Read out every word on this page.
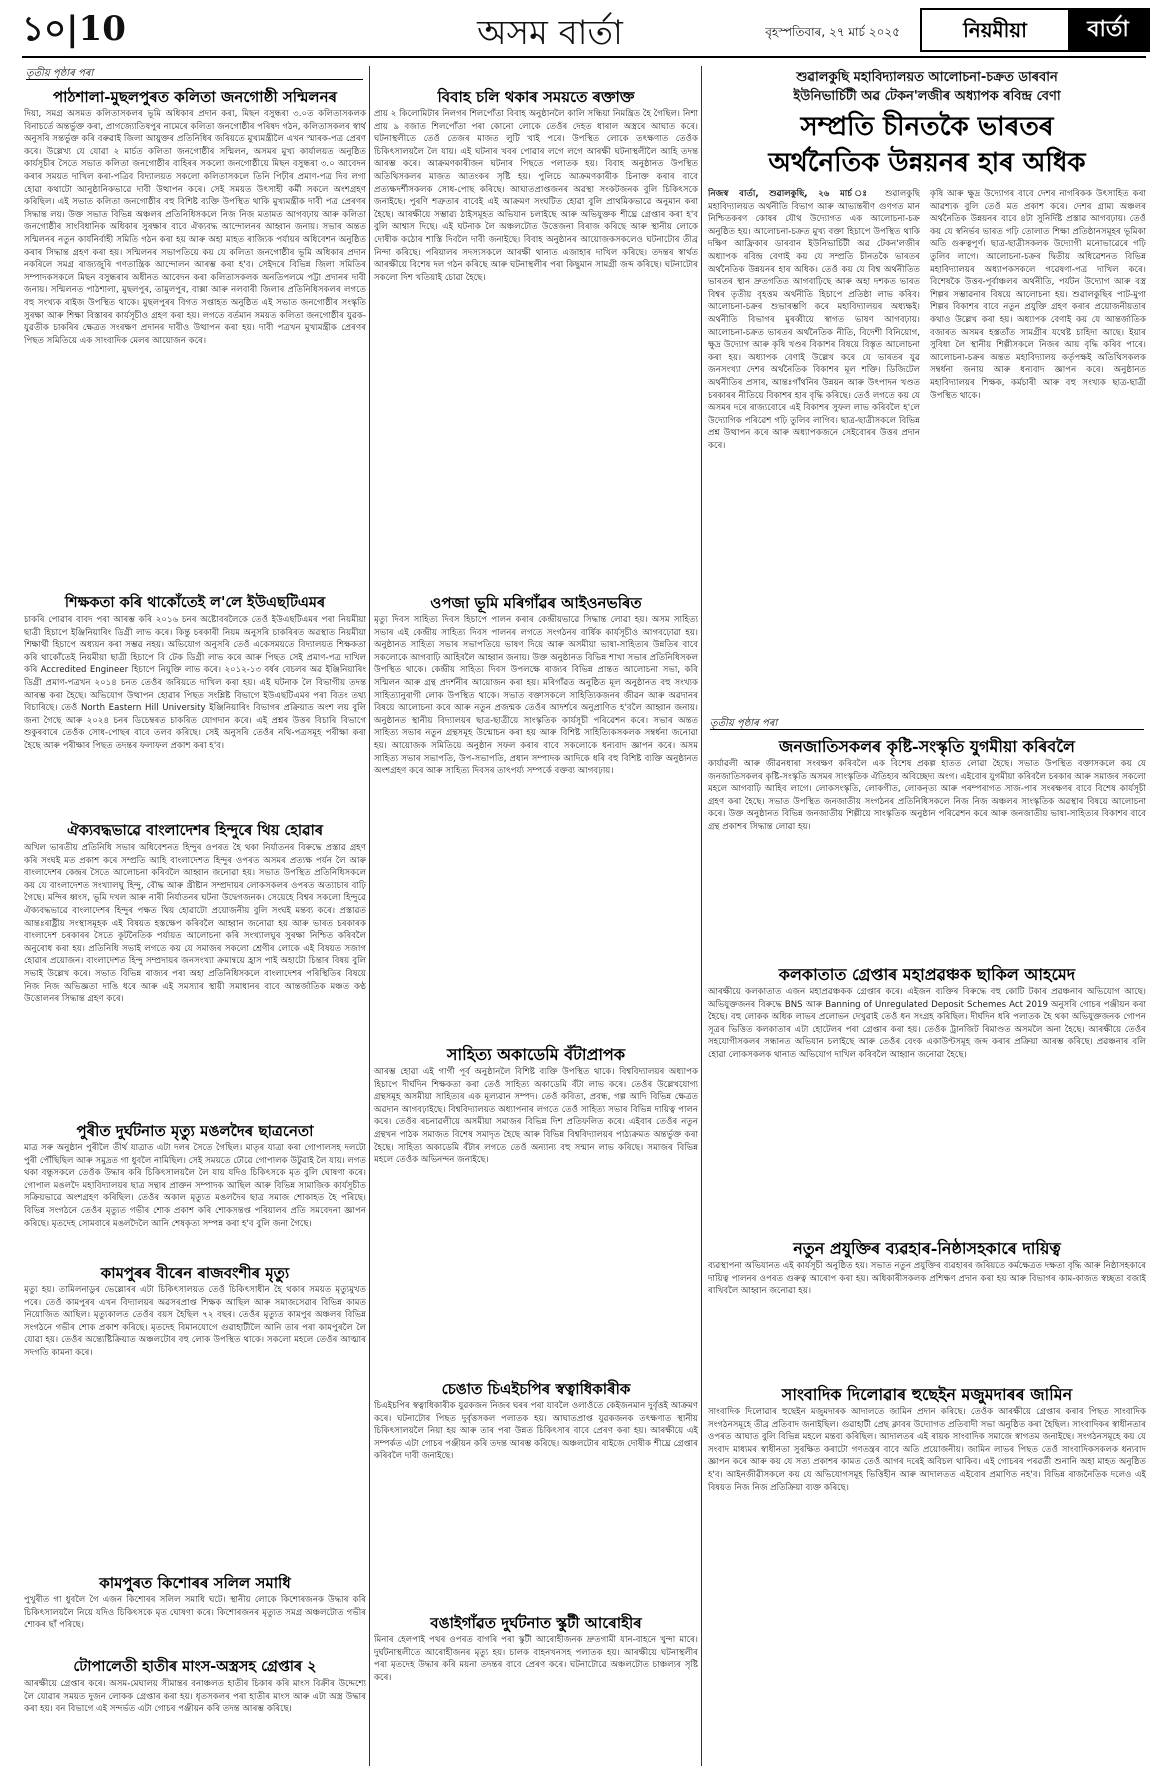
১০|10	অসম বাৰ্তা	বৃহস্পতিবাৰ, ২৭ মাৰ্চ ২০২৫	নিয়মীয়া	বাৰ্তা
তৃতীয় পৃষ্ঠাৰ পৰা
পাঠশালা-মুছলপুৰত কলিতা জনগোষ্ঠী সন্মিলনৰ
দিয়া, সমগ্ৰ অসমত কলিতাসকলৰ ভূমি অধিকাৰ প্ৰদান কৰা, মিছন বসুন্ধৰা ৩.০ত কলিতাসকলক বিনাচৰ্তে অন্তৰ্ভুক্ত কৰা, প্ৰাগজ্যোতিষপুৰ নামেৰে কলিতা জনগোষ্ঠীৰ পৰিষদ গঠন, কলিতাসকলৰ স্বাৰ্থ অনুসৰি সন্তৰ্ভুক্ত কৰি বৰুৱাই জিলা আয়ুক্তৰ প্ৰতিনিধিৰ জৰিয়তে মুখ্যমন্ত্ৰীলৈ এখন স্মাৰক-পত্ৰ প্ৰেৰণ কৰে। উল্লেখ্য যে যোৱা ২ মাৰ্চত কলিতা জনগোষ্ঠীৰ সন্মিলন, অসমৰ মুখ্য কাৰ্যালয়ত অনুষ্ঠিত কাৰ্যসূচীৰ সৈতে সভাত কলিতা জনগোষ্ঠীৰ বাহিৰৰ সকলো জনগোষ্ঠীয়ে মিছন বসুন্ধৰা ৩.০ আবেদন কৰাৰ সময়ত দাখিল কৰা-পত্ৰিব বিদ্যালয়ত সকলো কলিতাসকলে তিনি পিঢ়ীৰ প্ৰমাণ-পত্ৰ দিব লগা হোৱা কথাটো আনুষ্ঠানিকভাৱে দাবী উত্থাপন কৰে। সেই সময়ত উৎসাহী কৰ্মী সকলে অংশগ্ৰহণ কৰিছিল। এই সভাত কলিতা জনগোষ্ঠীৰ বহু বিশিষ্ট ব্যক্তি উপস্থিত থাকি মুখ্যমন্ত্ৰীক দাবী পত্ৰ প্ৰেৰণৰ সিদ্ধান্ত লয়। উক্ত সভাত বিভিন্ন অঞ্চলৰ প্ৰতিনিধিসকলে নিজ নিজ মতামত আগবঢ়ায় আৰু কলিতা জনগোষ্ঠীৰ সাংবিধানিক অধিকাৰ সুৰক্ষাৰ বাবে ঐক্যবদ্ধ আন্দোলনৰ আহ্বান জনায়। সভাৰ অন্তত সন্মিলনৰ নতুন কাৰ্যনিৰ্বাহী সমিতি গঠন কৰা হয় আৰু অহা মাহত ৰাজ্যিক পৰ্যায়ৰ অধিবেশন অনুষ্ঠিত কৰাৰ সিদ্ধান্ত গ্ৰহণ কৰা হয়। সন্মিলনৰ সভাপতিয়ে কয় যে কলিতা জনগোষ্ঠীৰ ভূমি অধিকাৰ প্ৰদান নকৰিলে সমগ্ৰ ৰাজ্যজুৰি গণতান্ত্ৰিক আন্দোলন আৰম্ভ কৰা হ'ব। সেইদৰে বিভিন্ন জিলা সমিতিৰ সম্পাদকসকলে মিছন বসুন্ধৰাৰ অধীনত আবেদন কৰা কলিতাসকলক অনতিপলমে পট্টা প্ৰদানৰ দাবী জনায়। সন্মিলনত পাঠশালা, মুছলপুৰ, তামুলপুৰ, বাক্সা আৰু নলবাৰী জিলাৰ প্ৰতিনিধিসকলৰ লগতে বহু সংখ্যক ৰাইজ উপস্থিত থাকে। মুছলপুৰৰ বিগত সপ্তাহত অনুষ্ঠিত এই সভাত জনগোষ্ঠীৰ সংস্কৃতি সুৰক্ষা আৰু শিক্ষা বিস্তাৰৰ কাৰ্যসূচীও গ্ৰহণ কৰা হয়। লগতে বৰ্তমান সময়ত কলিতা জনগোষ্ঠীৰ যুৱক-যুৱতীক চাকৰিৰ ক্ষেত্ৰত সংৰক্ষণ প্ৰদানৰ দাবীও উত্থাপন কৰা হয়। দাবী পত্ৰখন মুখ্যমন্ত্ৰীক প্ৰেৰণৰ পিছত সমিতিয়ে এক সাংবাদিক মেলৰ আয়োজন কৰে।
শিক্ষকতা কৰি থাকোঁতেই ল'লে ইউএছটিএমৰ
চাকৰি পোৱাৰ বাবদ পৰা আৰম্ভ কৰি ২০১৬ চনৰ অষ্টোবৰলৈকে তেওঁ ইউএছটিএমৰ পৰা নিয়মীয়া ছাত্ৰী হিচাপে ইঞ্জিনিয়াৰিং ডিগ্ৰী লাভ কৰে। কিন্তু চৰকাৰী নিয়ম অনুসৰি চাকৰিৰত অৱস্থাত নিয়মীয়া শিক্ষাৰ্থী হিচাপে অধ্যয়ন কৰা সম্ভৱ নহয়। অভিযোগ অনুসৰি তেওঁ একেসময়তে বিদ্যালয়ত শিক্ষকতা কৰি থাকোঁতেই নিয়মীয়া ছাত্ৰী হিচাপে বি টেক ডিগ্ৰী লাভ কৰে আৰু পিছত সেই প্ৰমাণ-পত্ৰ দাখিল কৰি Accredited Engineer হিচাপে নিযুক্তি লাভ কৰে। ২০১২-১৩ বৰ্ষৰ বেচলৰ অৱ ইঞ্জিনিয়াৰিং ডিগ্ৰী প্ৰমাণ-পত্ৰখন ২০১৪ চনত তেওঁৰ জৰিয়তে দাখিল কৰা হয়। এই ঘটনাক লৈ বিভাগীয় তদন্ত আৰম্ভ কৰা হৈছে। অভিযোগ উত্থাপন হোৱাৰ পিছত সংশ্লিষ্ট বিভাগে ইউএছটিএমৰ পৰা বিতং তথ্য বিচাৰিছে। তেওঁ North Eastern Hill University ইঞ্জিনিয়াৰিং বিভাগৰ প্ৰক্ৰিয়াত অংশ লয় বুলি জনা গৈছে আৰু ২০২৪ চনৰ ডিচেম্বৰত চাকৰিত যোগদান কৰে। এই প্ৰশ্নৰ উত্তৰ বিচাৰি বিভাগে শুকুৰবাৰে তেওঁক সোধ-পোছৰ বাবে তলব কৰিছে। সেই অনুসৰি তেওঁৰ নথি-পত্ৰসমূহ পৰীক্ষা কৰা হৈছে আৰু পৰীক্ষাৰ পিছত তদন্তৰ ফলাফল প্ৰকাশ কৰা হ'ব।
ঐক্যবদ্ধভাৱে বাংলাদেশৰ হিন্দুৰে থিয় হোৱাৰ
অখিল ভাৰতীয় প্ৰতিনিধি সভাৰ অধিবেশনত হিন্দুৰ ওপৰত হৈ থকা নিৰ্যাতনৰ বিৰুদ্ধে প্ৰস্তাৱ গ্ৰহণ কৰি সংঘই মত প্ৰকাশ কৰে সম্প্ৰতি আহি বাংলাদেশত হিন্দুৰ ওপৰত অসমৰ প্ৰত্যক্ষ পৰ্যন লৈ আৰু বাংলাদেশৰ কেন্দ্ৰৰ সৈতে আলোচনা কৰিবলৈ আহ্বান জনোৱা হয়। সভাত উপস্থিত প্ৰতিনিধিসকলে কয় যে বাংলাদেশত সংখ্যালঘু হিন্দু, বৌদ্ধ আৰু খ্ৰীষ্টান সম্প্ৰদায়ৰ লোকসকলৰ ওপৰত অত্যাচাৰ বাঢ়ি গৈছে। মন্দিৰ ধ্বংস, ভূমি দখল আৰু নাৰী নিৰ্যাতনৰ ঘটনা উদ্বেগজনক। সেয়েহে বিশ্বৰ সকলো হিন্দুৱে ঐক্যবদ্ধভাৱে বাংলাদেশৰ হিন্দুৰ পক্ষত থিয় হোৱাটো প্ৰয়োজনীয় বুলি সংঘই মন্তব্য কৰে। প্ৰস্তাৱত আন্তঃৰাষ্ট্ৰীয় সংস্থাসমূহক এই বিষয়ত হস্তক্ষেপ কৰিবলৈ আহ্বান জনোৱা হয় আৰু ভাৰত চৰকাৰক বাংলাদেশ চৰকাৰৰ সৈতে কূটনৈতিক পৰ্যায়ত আলোচনা কৰি সংখ্যালঘুৰ সুৰক্ষা নিশ্চিত কৰিবলৈ অনুৰোধ কৰা হয়। প্ৰতিনিধি সভাই লগতে কয় যে সমাজৰ সকলো শ্ৰেণীৰ লোকে এই বিষয়ত সজাগ হোৱাৰ প্ৰয়োজন। বাংলাদেশত হিন্দু সম্প্ৰদায়ৰ জনসংখ্যা ক্ৰমান্বয়ে হ্ৰাস পাই অহাটো চিন্তাৰ বিষয় বুলি সভাই উল্লেখ কৰে। সভাত বিভিন্ন ৰাজ্যৰ পৰা অহা প্ৰতিনিধিসকলে বাংলাদেশৰ পৰিস্থিতিৰ বিষয়ে নিজ নিজ অভিজ্ঞতা দাঙি ধৰে আৰু এই সমস্যাৰ স্থায়ী সমাধানৰ বাবে আন্তৰ্জাতিক মঞ্চত কণ্ঠ উত্তোলনৰ সিদ্ধান্ত গ্ৰহণ কৰে।
পুৰীত দুৰ্ঘটনাত মৃত্যু মঙলদৈৰ ছাত্ৰনেতা
মাত্ৰ সৰু অনুষ্ঠান পুৰীলৈ তীৰ্থ যাত্ৰাত এটা দলৰ সৈতে গৈছিল। মাতৃৰ যাত্ৰা কৰা গোপালসহ দলটো পুৰী পৌঁছিছিল আৰু সমুদ্ৰত গা ধুবলৈ নামিছিল। সেই সময়তে ঢৌৱে গোপালক উটুৱাই লৈ যায়। লগত থকা বন্ধুসকলে তেওঁক উদ্ধাৰ কৰি চিকিৎসালয়লৈ লৈ যায় যদিও চিকিৎসকে মৃত বুলি ঘোষণা কৰে। গোপাল মঙলদৈ মহাবিদ্যালয়ৰ ছাত্ৰ সন্থাৰ প্ৰাক্তন সম্পাদক আছিল আৰু বিভিন্ন সামাজিক কাৰ্যসূচীত সক্ৰিয়ভাৱে অংশগ্ৰহণ কৰিছিল। তেওঁৰ অকাল মৃত্যুত মঙলদৈৰ ছাত্ৰ সমাজ শোকাহত হৈ পৰিছে। বিভিন্ন সংগঠনে তেওঁৰ মৃত্যুত গভীৰ শোক প্ৰকাশ কৰি শোকসন্তপ্ত পৰিয়ালৰ প্ৰতি সমবেদনা জ্ঞাপন কৰিছে। মৃতদেহ সোমবাৰে মঙলদৈলৈ আনি শেষকৃত্য সম্পন্ন কৰা হ'ব বুলি জনা গৈছে।
কামপুৰৰ বীৰেন ৰাজবংশীৰ মৃত্যু
মৃত্যু হয়। তামিলনাডুৰ ভেল্লোৰৰ এটা চিকিৎসালয়ত তেওঁ চিকিৎসাধীন হৈ থকাৰ সময়ত মৃত্যুমুখত পৰে। তেওঁ কামপুৰৰ এখন বিদ্যালয়ৰ অৱসৰপ্ৰাপ্ত শিক্ষক আছিল আৰু সমাজসেৱাৰ বিভিন্ন কামত নিয়োজিত আছিল। মৃত্যুকালত তেওঁৰ বয়স হৈছিল ৭২ বছৰ। তেওঁৰ মৃত্যুত কামপুৰ অঞ্চলৰ বিভিন্ন সংগঠনে গভীৰ শোক প্ৰকাশ কৰিছে। মৃতদেহ বিমানযোগে গুৱাহাটীলৈ আনি তাৰ পৰা কামপুৰলৈ লৈ যোৱা হয়। তেওঁৰ অন্ত্যেষ্টিক্ৰিয়াত অঞ্চলটোৰ বহু লোক উপস্থিত থাকে। সকলো মহলে তেওঁৰ আত্মাৰ সদগতি কামনা কৰে।
কামপুৰত কিশোৰৰ সলিল সমাধি
পুখুৰীত গা ধুবলৈ গৈ এজন কিশোৰৰ সলিল সমাধি ঘটে। স্থানীয় লোকে কিশোৰজনক উদ্ধাৰ কৰি চিকিৎসালয়লৈ নিয়ে যদিও চিকিৎসকে মৃত ঘোষণা কৰে। কিশোৰজনৰ মৃত্যুত সমগ্ৰ অঞ্চলটোত গভীৰ শোকৰ ছাঁ পৰিছে।
টোপালেতী হাতীৰ মাংস-অস্ত্ৰসহ গ্ৰেপ্তাৰ ২
আৰক্ষীয়ে গ্ৰেপ্তাৰ কৰে। অসম-মেঘালয় সীমান্তৰ বনাঞ্চলত হাতীৰ চিকাৰ কৰি মাংস বিক্ৰীৰ উদ্দেশ্যে লৈ যোৱাৰ সময়ত দুজন লোকক গ্ৰেপ্তাৰ কৰা হয়। ধৃতসকলৰ পৰা হাতীৰ মাংস আৰু এটা অস্ত্ৰ উদ্ধাৰ কৰা হয়। বন বিভাগে এই সন্দৰ্ভত এটা গোচৰ পঞ্জীয়ন কৰি তদন্ত আৰম্ভ কৰিছে।
বিবাহ চলি থকাৰ সময়তে ৰক্তাক্ত
প্ৰায় ২ কিলোমিটাৰ নিলগৰ শিলপোঁতা বিবাহ অনুষ্ঠানলৈ কালি সন্ধিয়া নিমন্ত্ৰিত হৈ গৈছিল। নিশা প্ৰায় ৯ বজাত শিলপোঁতা পৰা কোনো লোকে তেওঁৰ দেহত ধাৰাল অস্ত্ৰৰে আঘাত কৰে। ঘটনাস্থলীতে তেওঁ তেজৰ মাজত লুটি খাই পৰে। উপস্থিত লোকে তৎক্ষণাত তেওঁক চিকিৎসালয়লৈ লৈ যায়। এই ঘটনাৰ খবৰ পোৱাৰ লগে লগে আৰক্ষী ঘটনাস্থলীলৈ আহি তদন্ত আৰম্ভ কৰে। আক্ৰমণকাৰীজন ঘটনাৰ পিছতে পলাতক হয়। বিবাহ অনুষ্ঠানত উপস্থিত অতিথিসকলৰ মাজত আতংকৰ সৃষ্টি হয়। পুলিচে আক্ৰমণকাৰীক চিনাক্ত কৰাৰ বাবে প্ৰত্যক্ষদৰ্শীসকলক সোধ-পোছ কৰিছে। আঘাতপ্ৰাপ্তজনৰ অৱস্থা সংকটজনক বুলি চিকিৎসকে জনাইছে। পুৰণি শত্ৰুতাৰ বাবেই এই আক্ৰমণ সংঘটিত হোৱা বুলি প্ৰাথমিকভাৱে অনুমান কৰা হৈছে। আৰক্ষীয়ে সম্ভাৱ্য ঠাইসমূহত অভিযান চলাইছে আৰু অভিযুক্তক শীঘ্ৰে গ্ৰেপ্তাৰ কৰা হ'ব বুলি আশ্বাস দিছে। এই ঘটনাক লৈ অঞ্চলটোত উত্তেজনা বিৰাজ কৰিছে আৰু স্থানীয় লোকে দোষীক কঠোৰ শাস্তি দিবলৈ দাবী জনাইছে। বিবাহ অনুষ্ঠানৰ আয়োজকসকলেও ঘটনাটোৰ তীব্ৰ নিন্দা কৰিছে। পৰিয়ালৰ সদস্যসকলে আৰক্ষী থানাত এজাহাৰ দাখিল কৰিছে। তদন্তৰ স্বাৰ্থত আৰক্ষীয়ে বিশেষ দল গঠন কৰিছে আৰু ঘটনাস্থলীৰ পৰা কিছুমান সামগ্ৰী জব্দ কৰিছে। ঘটনাটোৰ সকলো দিশ খতিয়াই চোৱা হৈছে।
ওপজা ভূমি মৰিগাঁৱৰ আইওনভৰিত
মৃত্যু দিবস সাহিত্য দিবস হিচাপে পালন কৰাৰ কেন্দ্ৰীয়ভাৱে সিদ্ধান্ত লোৱা হয়। অসম সাহিত্য সভাৰ এই কেন্দ্ৰীয় সাহিত্য দিবস পালনৰ লগতে সংগঠনৰ বাৰ্ষিক কাৰ্যসূচীও আগবঢ়োৱা হয়। অনুষ্ঠানত সাহিত্য সভাৰ সভাপতিয়ে ভাষণ দিয়ে আৰু অসমীয়া ভাষা-সাহিত্যৰ উন্নতিৰ বাবে সকলোকে আগবাঢ়ি আহিবলৈ আহ্বান জনায়। উক্ত অনুষ্ঠানত বিভিন্ন শাখা সভাৰ প্ৰতিনিধিসকল উপস্থিত থাকে। কেন্দ্ৰীয় সাহিত্য দিবস উপলক্ষে ৰাজ্যৰ বিভিন্ন প্ৰান্তত আলোচনা সভা, কবি সন্মিলন আৰু গ্ৰন্থ প্ৰদৰ্শনীৰ আয়োজন কৰা হয়। মৰিগাঁৱত অনুষ্ঠিত মূল অনুষ্ঠানত বহু সংখ্যক সাহিত্যানুৰাগী লোক উপস্থিত থাকে। সভাত বক্তাসকলে সাহিত্যিকজনৰ জীৱন আৰু অৱদানৰ বিষয়ে আলোচনা কৰে আৰু নতুন প্ৰজন্মক তেওঁৰ আদৰ্শৰে অনুপ্ৰাণিত হ'বলৈ আহ্বান জনায়। অনুষ্ঠানত স্থানীয় বিদ্যালয়ৰ ছাত্ৰ-ছাত্ৰীয়ে সাংস্কৃতিক কাৰ্যসূচী পৰিৱেশন কৰে। সভাৰ অন্তত সাহিত্য সভাৰ নতুন গ্ৰন্থসমূহ উন্মোচন কৰা হয় আৰু বিশিষ্ট সাহিত্যিকসকলক সম্বৰ্ধনা জনোৱা হয়। আয়োজক সমিতিয়ে অনুষ্ঠান সফল কৰাৰ বাবে সকলোকে ধন্যবাদ জ্ঞাপন কৰে। অসম সাহিত্য সভাৰ সভাপতি, উপ-সভাপতি, প্ৰধান সম্পাদক আদিকে ধৰি বহু বিশিষ্ট ব্যক্তি অনুষ্ঠানত অংশগ্ৰহণ কৰে আৰু সাহিত্য দিবসৰ তাৎপৰ্য্য সম্পৰ্কে বক্তব্য আগবঢ়ায়।
সাহিত্য অকাডেমি বঁটাপ্ৰাপক
আৰম্ভ হোৱা এই গাৰ্গী পূৰ্ব অনুষ্ঠানলৈ বিশিষ্ট ব্যক্তি উপস্থিত থাকে। বিশ্ববিদ্যালয়ৰ অধ্যাপক হিচাপে দীৰ্ঘদিন শিক্ষকতা কৰা তেওঁ সাহিত্য অকাডেমি বঁটা লাভ কৰে। তেওঁৰ উল্লেখযোগ্য গ্ৰন্থসমূহ অসমীয়া সাহিত্যৰ এক মূল্যৱান সম্পদ। তেওঁ কবিতা, প্ৰবন্ধ, গল্প আদি বিভিন্ন ক্ষেত্ৰত অৱদান আগবঢ়াইছে। বিশ্ববিদ্যালয়ত অধ্যাপনাৰ লগতে তেওঁ সাহিত্য সভাৰ বিভিন্ন দায়িত্ব পালন কৰে। তেওঁৰ ৰচনাৱলীয়ে অসমীয়া সমাজৰ বিভিন্ন দিশ প্ৰতিফলিত কৰে। এইবাৰ তেওঁৰ নতুন গ্ৰন্থখন পাঠক সমাজত বিশেষ সমাদৃত হৈছে আৰু বিভিন্ন বিশ্ববিদ্যালয়ৰ পাঠ্যক্ৰমত অন্তৰ্ভুক্ত কৰা হৈছে। সাহিত্য অকাডেমি বঁটাৰ লগতে তেওঁ অন্যান্য বহু সন্মান লাভ কৰিছে। সমাজৰ বিভিন্ন মহলে তেওঁক অভিনন্দন জনাইছে।
চেঙাত চিএইচপিৰ স্বত্বাধিকাৰীক
চিএইচপিৰ স্বত্বাধিকাৰীক যুৱকজন নিজৰ ঘৰৰ পৰা যাবলৈ ওলাওঁতে কেইজনমান দুৰ্বৃত্তই আক্ৰমণ কৰে। ঘটনাটোৰ পিছত দুৰ্বৃত্তসকল পলাতক হয়। আঘাতপ্ৰাপ্ত যুৱকজনক তৎক্ষণাত স্থানীয় চিকিৎসালয়লৈ নিয়া হয় আৰু তাৰ পৰা উন্নত চিকিৎসাৰ বাবে প্ৰেৰণ কৰা হয়। আৰক্ষীয়ে এই সম্পৰ্কত এটা গোচৰ পঞ্জীয়ন কৰি তদন্ত আৰম্ভ কৰিছে। অঞ্চলটোৰ ৰাইজে দোষীক শীঘ্ৰে গ্ৰেপ্তাৰ কৰিবলৈ দাবী জনাইছে।
বঙাইগাঁৱত দুৰ্ঘটনাত স্কুটী আৰোহীৰ
মিনাৰ হেলপাই পথৰ ওপৰত বাগৰি পৰা স্কুটী আৰোহীজনক দ্ৰুতগামী যান-বাহনে খুন্দা মাৰে। দুৰ্ঘটনাস্থলীতে আৰোহীজনৰ মৃত্যু হয়। চালক বাহনখনসহ পলাতক হয়। আৰক্ষীয়ে ঘটনাস্থলীৰ পৰা মৃতদেহ উদ্ধাৰ কৰি ময়না তদন্তৰ বাবে প্ৰেৰণ কৰে। ঘটনাটোৱে অঞ্চলটোত চাঞ্চল্যৰ সৃষ্টি কৰে।
শুৱালকুছি মহাবিদ্যালয়ত আলোচনা-চক্ৰত ডাৰবান
ইউনিভাৰ্চিটী অৱ টেকন'লজীৰ অধ্যাপক ৰবিন্দ্ৰ বেণা
সম্প্ৰতি চীনতকৈ ভাৰতৰ
অৰ্থনৈতিক উন্নয়নৰ হাৰ অধিক
নিজস্ব বাৰ্তা, শুৱালকুছি, ২৬ মাৰ্চ ঃ শুৱালকুছি মহাবিদ্যালয়ত অৰ্থনীতি বিভাগ আৰু আভ্যন্তৰীণ গুণগত মান নিশ্চিতকৰণ কোষৰ যৌথ উদ্যোগত এক আলোচনা-চক্ৰ অনুষ্ঠিত হয়। আলোচনা-চক্ৰত মুখ্য বক্তা হিচাপে উপস্থিত থাকি দক্ষিণ আফ্ৰিকাৰ ডাৰবান ইউনিভাৰ্চিটী অৱ টেকন'লজীৰ অধ্যাপক ৰবিন্দ্ৰ বেণাই কয় যে সম্প্ৰতি চীনতকৈ ভাৰতৰ অৰ্থনৈতিক উন্নয়নৰ হাৰ অধিক। তেওঁ কয় যে বিশ্ব অৰ্থনীতিত ভাৰতৰ স্থান দ্ৰুতগতিত আগবাঢ়িছে আৰু অহা দশকত ভাৰত বিশ্বৰ তৃতীয় বৃহত্তম অৰ্থনীতি হিচাপে প্ৰতিষ্ঠা লাভ কৰিব। আলোচনা-চক্ৰৰ শুভাৰম্ভণি কৰে মহাবিদ্যালয়ৰ অধ্যক্ষই। অৰ্থনীতি বিভাগৰ মুৰব্বীয়ে স্বাগত ভাষণ আগবঢ়ায়। আলোচনা-চক্ৰত ভাৰতৰ অৰ্থনৈতিক নীতি, বিদেশী বিনিয়োগ, ক্ষুদ্ৰ উদ্যোগ আৰু কৃষি খণ্ডৰ বিকাশৰ বিষয়ে বিস্তৃত আলোচনা কৰা হয়। অধ্যাপক বেণাই উল্লেখ কৰে যে ভাৰতৰ যুৱ জনসংখ্যা দেশৰ অৰ্থনৈতিক বিকাশৰ মূল শক্তি। ডিজিটেল অৰ্থনীতিৰ প্ৰসাৰ, আন্তঃগাঁথনিৰ উন্নয়ন আৰু উৎপাদন খণ্ডত চৰকাৰৰ নীতিয়ে বিকাশৰ হাৰ বৃদ্ধি কৰিছে। তেওঁ লগতে কয় যে অসমৰ দৰে ৰাজ্যবোৰে এই বিকাশৰ সুফল লাভ কৰিবলৈ হ'লে উদ্যোগিক পৰিৱেশ গঢ়ি তুলিব লাগিব। ছাত্ৰ-ছাত্ৰীসকলে বিভিন্ন প্ৰশ্ন উত্থাপন কৰে আৰু অধ্যাপকজনে সেইবোৰৰ উত্তৰ প্ৰদান কৰে।
কৃষি আৰু ক্ষুদ্ৰ উদ্যোগৰ বাবে দেশৰ নাগৰিকক উৎসাহিত কৰা আৱশ্যক বুলি তেওঁ মত প্ৰকাশ কৰে। দেশৰ গ্ৰাম্য অঞ্চলৰ অৰ্থনৈতিক উন্নয়নৰ বাবে ৪টা সুনিৰ্দিষ্ট প্ৰস্তাৱ আগবঢ়ায়। তেওঁ কয় যে স্বনিৰ্ভৰ ভাৰত গঢ়ি তোলাত শিক্ষা প্ৰতিষ্ঠানসমূহৰ ভূমিকা অতি গুৰুত্বপূৰ্ণ। ছাত্ৰ-ছাত্ৰীসকলক উদ্যোগী মনোভাৱেৰে গঢ়ি তুলিব লাগে। আলোচনা-চক্ৰৰ দ্বিতীয় অধিৱেশনত বিভিন্ন মহাবিদ্যালয়ৰ অধ্যাপকসকলে গৱেষণা-পত্ৰ দাখিল কৰে। বিশেষকৈ উত্তৰ-পূৰ্বাঞ্চলৰ অৰ্থনীতি, পৰ্যটন উদ্যোগ আৰু বস্ত্ৰ শিল্পৰ সম্ভাৱনাৰ বিষয়ে আলোচনা হয়। শুৱালকুছিৰ পাট-মুগা শিল্পৰ বিকাশৰ বাবে নতুন প্ৰযুক্তি গ্ৰহণ কৰাৰ প্ৰয়োজনীয়তাৰ কথাও উল্লেখ কৰা হয়। অধ্যাপক বেণাই কয় যে আন্তৰ্জাতিক বজাৰত অসমৰ হস্ততাঁত সামগ্ৰীৰ যথেষ্ট চাহিদা আছে। ইয়াৰ সুবিধা লৈ স্থানীয় শিল্পীসকলে নিজৰ আয় বৃদ্ধি কৰিব পাৰে। আলোচনা-চক্ৰৰ অন্তত মহাবিদ্যালয় কৰ্তৃপক্ষই অতিথিসকলক সম্বৰ্ধনা জনায় আৰু ধন্যবাদ জ্ঞাপন কৰে। অনুষ্ঠানত মহাবিদ্যালয়ৰ শিক্ষক, কৰ্মচাৰী আৰু বহু সংখ্যক ছাত্ৰ-ছাত্ৰী উপস্থিত থাকে।
তৃতীয় পৃষ্ঠাৰ পৰা
জনজাতিসকলৰ কৃষ্টি-সংস্কৃতি যুগমীয়া কৰিবলৈ
কাৰ্যাৱলী আৰু জীৱনধাৰা সংৰক্ষণ কৰিবলৈ এক বিশেষ প্ৰকল্প হাতত লোৱা হৈছে। সভাত উপস্থিত বক্তাসকলে কয় যে জনজাতিসকলৰ কৃষ্টি-সংস্কৃতি অসমৰ সাংস্কৃতিক ঐতিহ্যৰ অবিচ্ছেদ্য অংগ। এইবোৰ যুগমীয়া কৰিবলৈ চৰকাৰ আৰু সমাজৰ সকলো মহলে আগবাঢ়ি আহিব লাগে। লোকসংস্কৃতি, লোকগীত, লোকনৃত্য আৰু পৰম্পৰাগত সাজ-পাৰ সংৰক্ষণৰ বাবে বিশেষ কাৰ্যসূচী গ্ৰহণ কৰা হৈছে। সভাত উপস্থিত জনজাতীয় সংগঠনৰ প্ৰতিনিধিসকলে নিজ নিজ অঞ্চলৰ সাংস্কৃতিক অৱস্থাৰ বিষয়ে আলোচনা কৰে। উক্ত অনুষ্ঠানত বিভিন্ন জনজাতীয় শিল্পীয়ে সাংস্কৃতিক অনুষ্ঠান পৰিৱেশন কৰে আৰু জনজাতীয় ভাষা-সাহিত্যৰ বিকাশৰ বাবে গ্ৰন্থ প্ৰকাশৰ সিদ্ধান্ত লোৱা হয়।
কলকাতাত গ্ৰেপ্তাৰ মহাপ্ৰৱঞ্চক ছাকিল আহমেদ
আৰক্ষীয়ে কলকাতাত এজন মহাপ্ৰৱঞ্চকক গ্ৰেপ্তাৰ কৰে। এইজন ব্যক্তিৰ বিৰুদ্ধে বহু কোটি টকাৰ প্ৰৱঞ্চনাৰ অভিযোগ আছে। অভিযুক্তজনৰ বিৰুদ্ধে BNS আৰু Banning of Unregulated Deposit Schemes Act 2019 অনুসৰি গোচৰ পঞ্জীয়ন কৰা হৈছে। বহু লোকক অধিক লাভৰ প্ৰলোভন দেখুৱাই তেওঁ ধন সংগ্ৰহ কৰিছিল। দীৰ্ঘদিন ধৰি পলাতক হৈ থকা অভিযুক্তজনক গোপন সূত্ৰৰ ভিত্তিত কলকাতাৰ এটা হোটেলৰ পৰা গ্ৰেপ্তাৰ কৰা হয়। তেওঁক ট্ৰানজিট ৰিমাণ্ডত অসমলৈ অনা হৈছে। আৰক্ষীয়ে তেওঁৰ সহযোগীসকলৰ সন্ধানত অভিযান চলাইছে আৰু তেওঁৰ বেংক একাউণ্টসমূহ জব্দ কৰাৰ প্ৰক্ৰিয়া আৰম্ভ কৰিছে। প্ৰৱঞ্চনাৰ বলি হোৱা লোকসকলক থানাত অভিযোগ দাখিল কৰিবলৈ আহ্বান জনোৱা হৈছে।
নতুন প্ৰযুক্তিৰ ব্যৱহাৰ-নিষ্ঠাসহকাৰে দায়িত্ব
ব্যৱস্থাপনা অভিযানত এই কাৰ্যসূচী অনুষ্ঠিত হয়। সভাত নতুন প্ৰযুক্তিৰ ব্যৱহাৰৰ জৰিয়তে কৰ্মক্ষেত্ৰত দক্ষতা বৃদ্ধি আৰু নিষ্ঠাসহকাৰে দায়িত্ব পালনৰ ওপৰত গুৰুত্ব আৰোপ কৰা হয়। অধিকাৰীসকলক প্ৰশিক্ষণ প্ৰদান কৰা হয় আৰু বিভাগৰ কাম-কাজত স্বচ্ছতা বজাই ৰাখিবলৈ আহ্বান জনোৱা হয়।
সাংবাদিক দিলোৱাৰ হুছেইন মজুমদাৰৰ জামিন
সাংবাদিক দিলোৱাৰ হুছেইন মজুমদাৰক আদালতে জামিন প্ৰদান কৰিছে। তেওঁক আৰক্ষীয়ে গ্ৰেপ্তাৰ কৰাৰ পিছত সাংবাদিক সংগঠনসমূহে তীব্ৰ প্ৰতিবাদ জনাইছিল। গুৱাহাটী প্ৰেছ ক্লাবৰ উদ্যোগত প্ৰতিবাদী সভা অনুষ্ঠিত কৰা হৈছিল। সাংবাদিকৰ স্বাধীনতাৰ ওপৰত আঘাত বুলি বিভিন্ন মহলে মন্তব্য কৰিছিল। আদালতৰ এই ৰায়ক সাংবাদিক সমাজে স্বাগতম জনাইছে। সংগঠনসমূহে কয় যে সংবাদ মাধ্যমৰ স্বাধীনতা সুৰক্ষিত কৰাটো গণতন্ত্ৰৰ বাবে অতি প্ৰয়োজনীয়। জামিন লাভৰ পিছত তেওঁ সাংবাদিকসকলক ধন্যবাদ জ্ঞাপন কৰে আৰু কয় যে সত্য প্ৰকাশৰ কামত তেওঁ আগৰ দৰেই অবিচল থাকিব। এই গোচৰৰ পৰৱৰ্তী শুনানি অহা মাহত অনুষ্ঠিত হ'ব। আইনজীৱীসকলে কয় যে অভিযোগসমূহ ভিত্তিহীন আৰু আদালতত এইবোৰ প্ৰমাণিত নহ'ব। বিভিন্ন ৰাজনৈতিক দলেও এই বিষয়ত নিজ নিজ প্ৰতিক্ৰিয়া ব্যক্ত কৰিছে।
